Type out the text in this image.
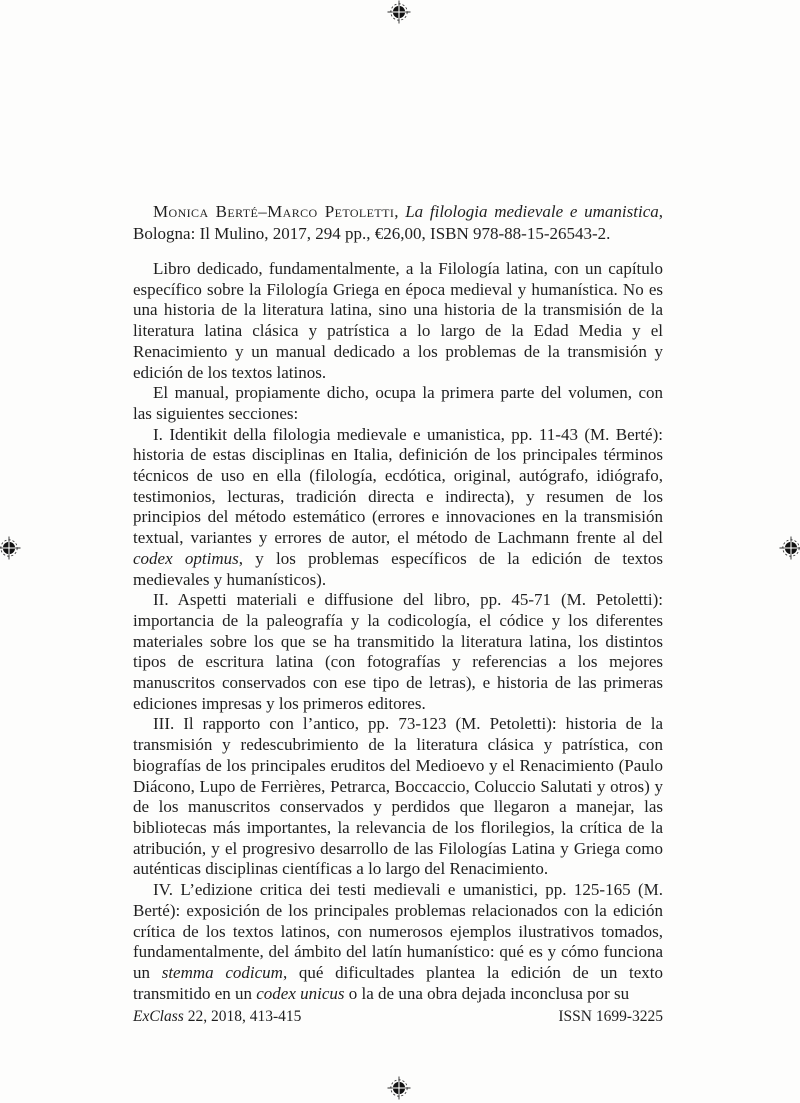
Monica Berté–Marco Petoletti, La filologia medievale e umanistica, Bologna: Il Mulino, 2017, 294 pp., €26,00, ISBN 978-88-15-26543-2.

Libro dedicado, fundamentalmente, a la Filología latina, con un capítulo específico sobre la Filología Griega en época medieval y humanística. No es una historia de la literatura latina, sino una historia de la transmisión de la literatura latina clásica y patrística a lo largo de la Edad Media y el Renacimiento y un manual dedicado a los problemas de la transmisión y edición de los textos latinos.

El manual, propiamente dicho, ocupa la primera parte del volumen, con las siguientes secciones:

I. Identikit della filologia medievale e umanistica, pp. 11-43 (M. Berté): historia de estas disciplinas en Italia, definición de los principales términos técnicos de uso en ella (filología, ecdótica, original, autógrafo, idiógrafo, testimonios, lecturas, tradición directa e indirecta), y resumen de los principios del método estemático (errores e innovaciones en la transmisión textual, variantes y errores de autor, el método de Lachmann frente al del codex optimus, y los problemas específicos de la edición de textos medievales y humanísticos).

II. Aspetti materiali e diffusione del libro, pp. 45-71 (M. Petoletti): importancia de la paleografía y la codicología, el códice y los diferentes materiales sobre los que se ha transmitido la literatura latina, los distintos tipos de escritura latina (con fotografías y referencias a los mejores manuscritos conservados con ese tipo de letras), e historia de las primeras ediciones impresas y los primeros editores.

III. Il rapporto con l’antico, pp. 73-123 (M. Petoletti): historia de la transmisión y redescubrimiento de la literatura clásica y patrística, con biografías de los principales eruditos del Medioevo y el Renacimiento (Paulo Diácono, Lupo de Ferrières, Petrarca, Boccaccio, Coluccio Salutati y otros) y de los manuscritos conservados y perdidos que llegaron a manejar, las bibliotecas más importantes, la relevancia de los florilegios, la crítica de la atribución, y el progresivo desarrollo de las Filologías Latina y Griega como auténticas disciplinas científicas a lo largo del Renacimiento.

IV. L’edizione critica dei testi medievali e umanistici, pp. 125-165 (M. Berté): exposición de los principales problemas relacionados con la edición crítica de los textos latinos, con numerosos ejemplos ilustrativos tomados, fundamentalmente, del ámbito del latín humanístico: qué es y cómo funciona un stemma codicum, qué dificultades plantea la edición de un texto transmitido en un codex unicus o la de una obra dejada inconclusa por su

ExClass 22, 2018, 413-415	ISSN 1699-3225
